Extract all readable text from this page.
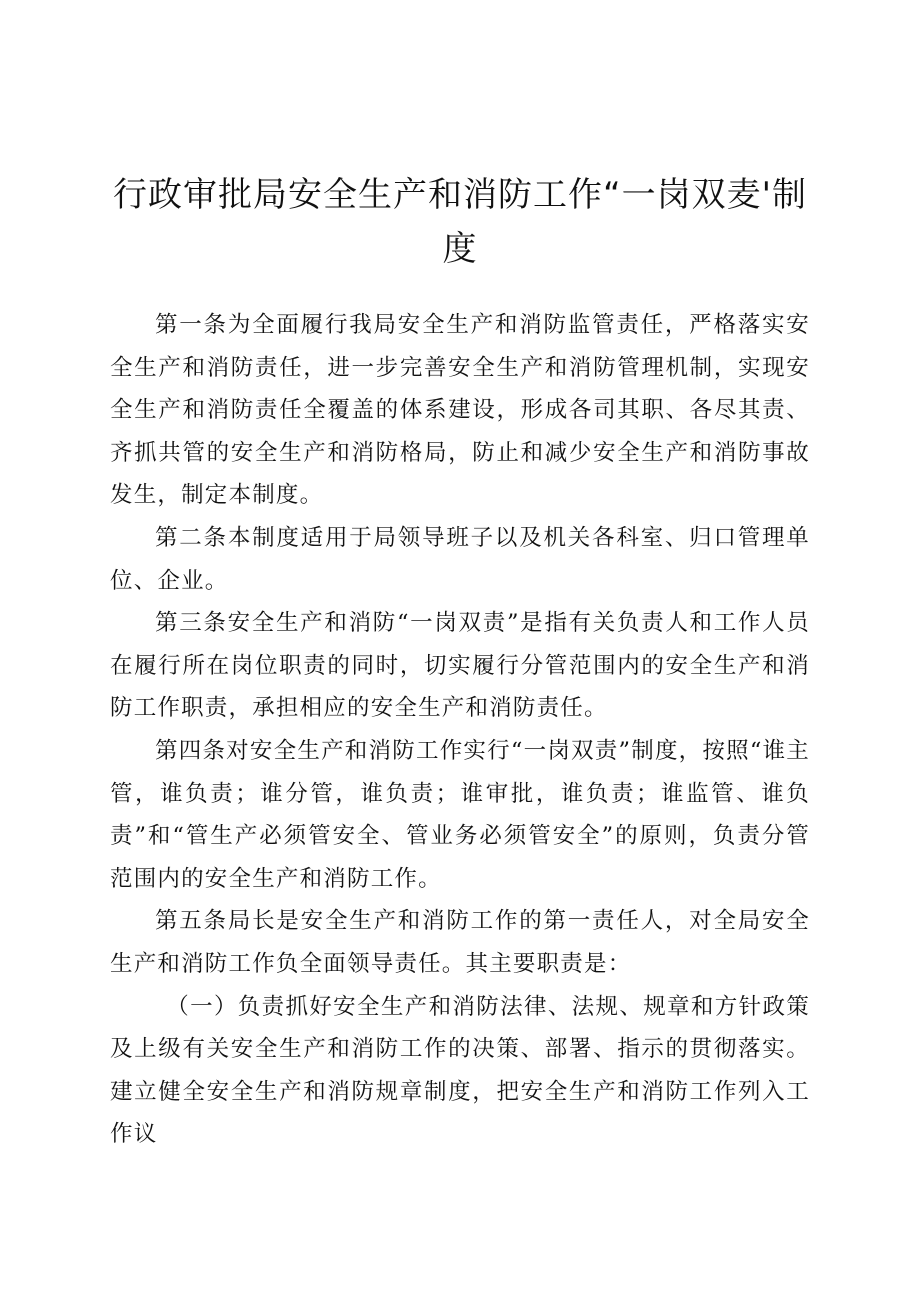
行政审批局安全生产和消防工作“一岗双麦'制度

第一条为全面履行我局安全生产和消防监管责任，严格落实安全生产和消防责任，进一步完善安全生产和消防管理机制，实现安全生产和消防责任全覆盖的体系建设，形成各司其职、各尽其责、齐抓共管的安全生产和消防格局，防止和减少安全生产和消防事故发生，制定本制度。

第二条本制度适用于局领导班子以及机关各科室、归口管理单位、企业。

第三条安全生产和消防“一岗双责”是指有关负责人和工作人员在履行所在岗位职责的同时，切实履行分管范围内的安全生产和消防工作职责，承担相应的安全生产和消防责任。

第四条对安全生产和消防工作实行“一岗双责”制度，按照“谁主管，谁负责；谁分管，谁负责；谁审批，谁负责；谁监管、谁负责”和“管生产必须管安全、管业务必须管安全”的原则，负责分管范围内的安全生产和消防工作。

第五条局长是安全生产和消防工作的第一责任人，对全局安全生产和消防工作负全面领导责任。其主要职责是：

（一）负责抓好安全生产和消防法律、法规、规章和方针政策及上级有关安全生产和消防工作的决策、部署、指示的贯彻落实。建立健全安全生产和消防规章制度，把安全生产和消防工作列入工作议
